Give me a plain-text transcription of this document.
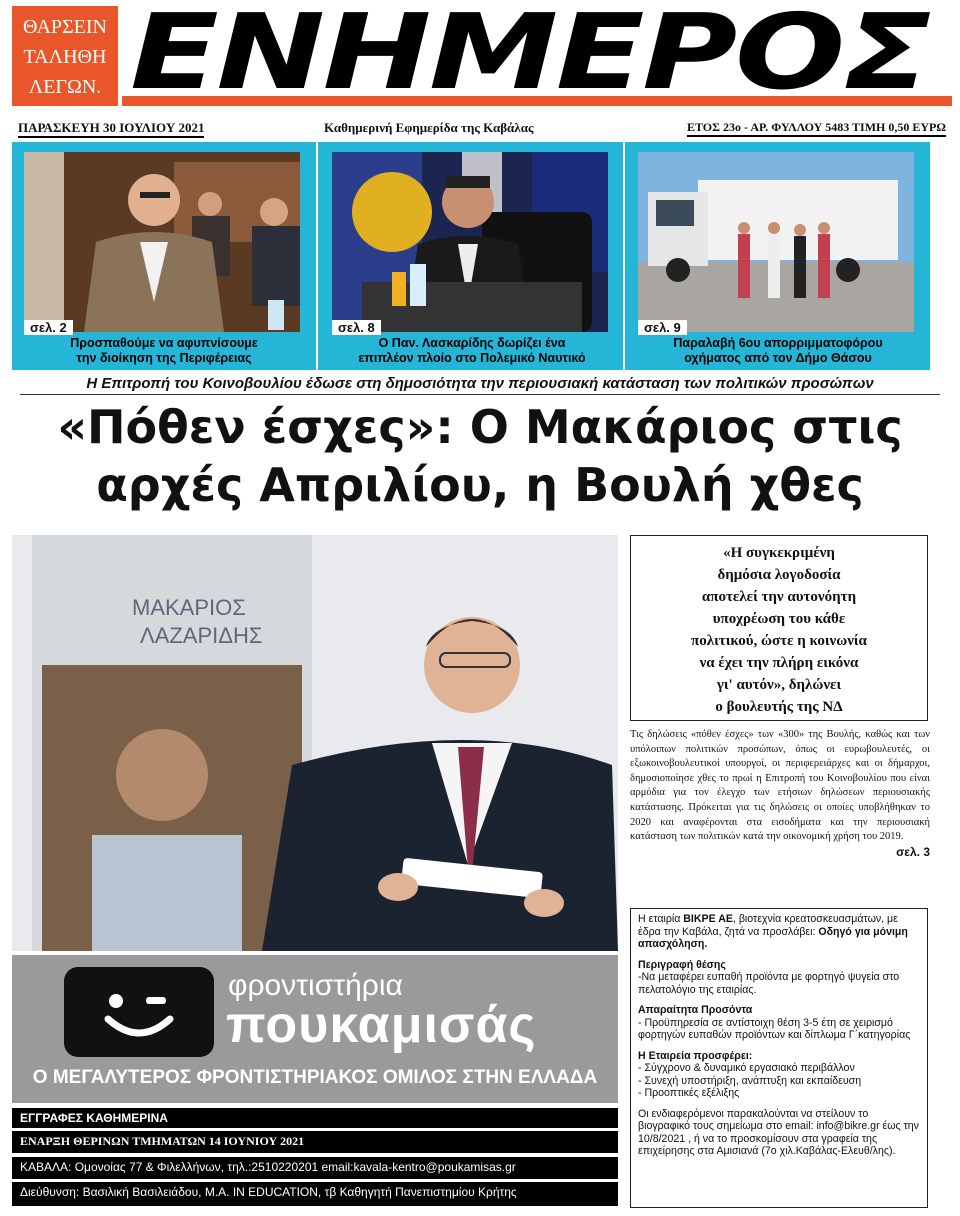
ΘΑΡΣΕΙΝ
ΤΑΛΗΘΗ
ΛΕΓΩΝ. ΕΝΗΜΕΡΟΣ
ΠΑΡΑΣΚΕΥΗ 30 ΙΟΥΛΙΟΥ 2021	Καθημερινή Εφημερίδα της Καβάλας	ΕΤΟΣ 23ο - ΑΡ. ΦΥΛΛΟΥ 5483 ΤΙΜΗ 0,50 ΕΥΡΩ
σελ. 2
Προσπαθούμε να αφυπνίσουμε
την διοίκηση της Περιφέρειας
σελ. 8
Ο Παν. Λασκαρίδης δωρίζει ένα
επιπλέον πλοίο στο Πολεμικό Ναυτικό
σελ. 9
Παραλαβή 6ου απορριμματοφόρου
οχήματος από τον Δήμο Θάσου
Η Επιτροπή του Κοινοβουλίου έδωσε στη δημοσιότητα την περιουσιακή κατάσταση των πολιτικών προσώπων
«Πόθεν έσχες»: Ο Μακάριος στις
αρχές Απριλίου, η Βουλή χθες
ΜΑΚΑΡΙΟΣ
ΛΑΖΑΡΙΔΗΣ
«Η συγκεκριμένη
δημόσια λογοδοσία
αποτελεί την αυτονόητη
υποχρέωση του κάθε
πολιτικού, ώστε η κοινωνία
να έχει την πλήρη εικόνα
γι' αυτόν», δηλώνει
ο βουλευτής της ΝΔ
Τις δηλώσεις «πόθεν έσχες» των «300» της Βουλής, καθώς και των υπόλοιπων πολιτικών προσώπων, όπως οι ευρωβουλευτές, οι εξωκοινοβουλευτικοί υπουργοί, οι περιφερειάρχες και οι δήμαρχοι, δημοσιοποίησε χθες το πρωί η Επιτροπή του Κοινοβουλίου που είναι αρμόδια για τον έλεγχο των ετήσιων δηλώσεων περιουσιακής κατάστασης. Πρόκειται για τις δηλώσεις οι οποίες υποβλήθηκαν το 2020 και αναφέρονται στα εισοδήματα και την περιουσιακή κατάσταση των πολιτικών κατά την οικονομική χρήση του 2019.
σελ. 3
φροντιστήρια
πουκαμισάς
Ο ΜΕΓΑΛΥΤΕΡΟΣ ΦΡΟΝΤΙΣΤΗΡΙΑΚΟΣ ΟΜΙΛΟΣ ΣΤΗΝ ΕΛΛΑΔΑ
ΕΓΓΡΑΦΕΣ ΚΑΘΗΜΕΡΙΝΑ
ΕΝΑΡΞΗ ΘΕΡΙΝΩΝ ΤΜΗΜΑΤΩΝ 14 ΙΟΥΝΙΟΥ 2021
ΚΑΒΑΛΑ: Ομονοίας 77 & Φιλελλήνων, τηλ.:2510220201 email:kavala-kentro@poukamisas.gr
Διεύθυνση: Βασιλική Βασιλειάδου, Μ.Α. IN EDUCATION, τβ Καθηγητή Πανεπιστημίου Κρήτης

Η εταιρία ΒΙΚΡΕ ΑΕ, βιοτεχνία κρεατοσκευασμάτων, με έδρα την Καβάλα, ζητά να προσλάβει: Οδηγό για μόνιμη απασχόληση.

Περιγραφή θέσης
-Να μεταφέρει ευπαθή προϊόντα με φορτηγό ψυγεία στο πελατολόγιο της εταιρίας.

Απαραίτητα Προσόντα
- Προϋπηρεσία σε αντίστοιχη θέση 3-5 έτη σε χειρισμό φορτηγών ευπαθών προϊόντων και δίπλωμα Γ΄κατηγορίας

Η Εταιρεία προσφέρει:
- Σύγχρονο & δυναμικό εργασιακό περιβάλλον
- Συνεχή υποστήριξη, ανάπτυξη και εκπαίδευση
- Προοπτικές εξέλιξης

Οι ενδιαφερόμενοι παρακαλούνται να στείλουν το βιογραφικό τους σημείωμα στο email: info@bikre.gr έως την 10/8/2021 , ή να το προσκομίσουν στα γραφεία της επιχείρησης στα Αμισιανά (7ο χιλ.Καβάλας-Ελευθ/λης).
